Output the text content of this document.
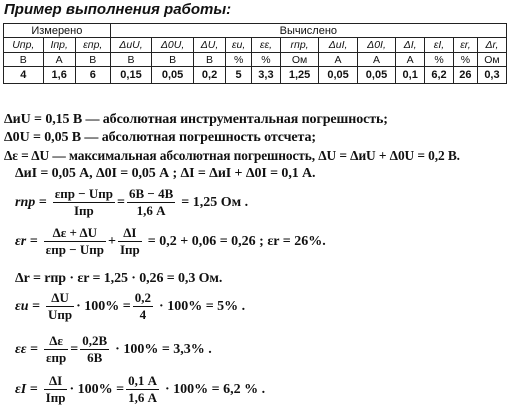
Пример выполнения работы:
Измерено			Вычислено											
Uпр,	Iпр,	εпр,	ΔиU,	Δ0U,	ΔU,	εu,	εε,	rпр,	ΔиI,	Δ0I,	ΔI,	εI,	εr,	Δr,
В	А	В	В	В	В	%	%	Ом	А	А	А	%	%	Ом
4	1,6	6	0,15	0,05	0,2	5	3,3	1,25	0,05	0,05	0,1	6,2	26	0,3
ΔиU = 0,15 В — абсолютная инструментальная погрешность;
Δ0U = 0,05 В — абсолютная погрешность отсчета;
Δε = ΔU — максимальная абсолютная погрешность, ΔU = ΔиU + Δ0U = 0,2 В.
ΔиI = 0,05 А, Δ0I = 0,05 А ; ΔI = ΔиI + Δ0I = 0,1 А.
rпр = $\frac{\text{εпр − Uпр}}{\text{Iпр}} = \frac{6В - 4В}{1,6 А} = 1,25$ Ом .
$\varepsilon r = \frac{\Delta\varepsilon + \Delta U}{\text{εпр − Uпр}} + \frac{\Delta I}{\text{Iпр}} = 0,2 + 0,06 = 0,26$ ; εr = 26%.
Δr = rпр · εr = 1,25 · 0,26 = 0,3 Ом.
$\varepsilon u = \frac{\Delta U}{\text{Uпр}} \cdot 100\% = \frac{0,2}{4} \cdot 100\% = 5\%$ .
$\varepsilon\varepsilon = \frac{\Delta\varepsilon}{\text{εпр}} = \frac{0,2В}{6В} \cdot 100\% = 3,3\%$ .
$\varepsilon I = \frac{\Delta I}{\text{Iпр}} \cdot 100\% = \frac{0,1 А}{1,6 А} \cdot 100\% = 6,2$ % .
